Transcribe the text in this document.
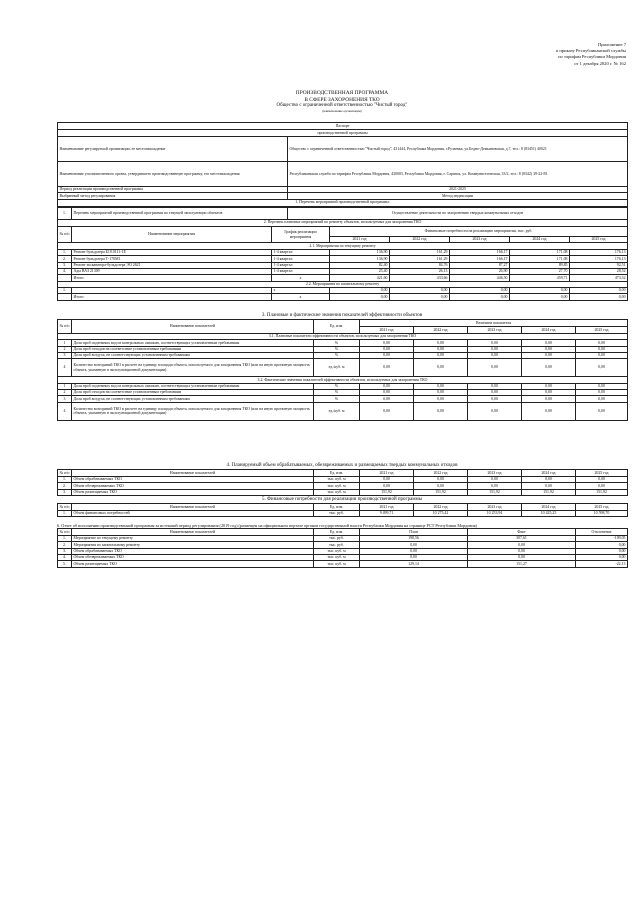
Приложение 7
к приказу Республиканской службы
по тарифам Республики Мордовия
от 1 декабря 2020 г. № 162
ПРОИЗВОДСТВЕННАЯ ПРОГРАММА
В СФЕРЕ ЗАХОРОНЕНИЯ ТКО
Общество с ограниченной ответственностью "Чистый город"
(наименование организации)
Паспорт	
производственной программы	
Наименование регулируемой организации, ее местонахождение	Общество с ограниченной ответственностью "Чистый город", 431444, Республика Мордовия, г.Рузаевка, ул.Бедно-Демьяновская, д.7, тел.: 8 (83451) 40021
Наименование уполномоченного органа, утвердившего производственную программу, его местонахождения	Республиканская служба по тарифам Республики Мордовия, 430003, Республика Мордовия, г. Саранск, ул. Коммунистическая, 33/2, тел.: 8 (8342) 39-22-83
Период реализации производственной программы	2021-2025
Выбранный метод регулирования	Метод индексации
1. Перечень мероприятий производственной программы:	
1.	Перечень мероприятий производственной программы по текущей эксплуатации объектов	Осуществление деятельности по захоронению твердых коммунальных отходов
2. Перечень плановых мероприятий по ремонту объектов, используемых для захоронения ТКО
№ п/п	Наименование мероприятия	График реализации мероприятия	Финансовые потребности на реализацию мероприятия, тыс. руб.				
			2021 год	2022 год	2023 год	2024 год	2025 год
2.1. Мероприятия по текущему ремонту							
1.	Ремонт бульдозера Б10.0111-1Е	1-4 квартал	136,90	161,29	166,17	171,08	176,13
2.	Ремонт бульдозера Т-170М1	1-4 квартал	136,90	161,29	166,17	171,08	176,13
3.	Ремонт экскаватора-бульдозера ЭО 2621	1-4 квартал	82,40	84,76	87,27	89,85	92,51
4.	Ады ВАЗ 21309	1-4 квартал	25,40	26,13	26,90	27,70	28,52
	Итого:	х	421,60	433,66	446,50	459,71	473,32
2.2. Мероприятия по капитальному ремонту							
1.		х	0,00	0,00	0,00	0,00	0,00
	Итого:	х	0,00	0,00	0,00	0,00	0,00
3. Плановые и фактические значения показателей эффективности объектов
№ п/п	Наименование показателей	Ед. изм.	Величина показателя				
			2021 год	2022 год	2023 год	2024 год	2025 год
3.1. Плановые показатели эффективности объектов, используемых для захоронения ТКО							
1	Доля проб подземных вод из контрольных скважин, соответствующих установленным требованиям	%	0,00	0,00	0,00	0,00	0,00
2	Доля проб отходов на соответствие установленным требованиям	%	0,00	0,00	0,00	0,00	0,00
3	Доля проб воздуха, не соответствующих установленным требованиям	%	0,00	0,00	0,00	0,00	0,00
4	Количество возгораний ТКО в расчете на единицу площади объекта, используемого для захоронения ТКО (или на иную проектную мощность объекта, указанную в эксплуатационной документации)	ед./куб. м	0,00	0,00	0,00	0,00	0,00
3.2. Фактические значения показателей эффективности объектов, используемых для захоронения ТКО							
1	Доля проб подземных вод из контрольных скважин, соответствующих установленным требованиям	%	0,00	0,00	0,00	0,00	0,00
2	Доля проб отходов на соответствие установленным требованиям	%	0,00	0,00	0,00	0,00	0,00
3	Доля проб воздуха, не соответствующих установленным требованиям	%	0,00	0,00	0,00	0,00	0,00
4	Количество возгораний ТКО в расчете на единицу площади объекта, используемого для захоронения ТКО (или на иную проектную мощность объекта, указанную в эксплуатационной документации)	ед./куб. м	0,00	0,00	0,00	0,00	0,00
4. Планируемый объем обрабатываемых, обезвреживаемых и размещаемых твердых коммунальных отходов
№ п/п	Наименование показателей	Ед. изм.	2021 год	2022 год	2023 год	2024 год	2025 год
1.	Объем обрабатываемых ТКО	тыс. куб. м	0,00	0,00	0,00	0,00	0,00
2.	Объем обезвреживаемых ТКО	тыс. куб. м	0,00	0,00	0,00	0,00	0,00
3.	Объем размещаемых ТКО	тыс. куб. м	151,92	151,92	151,92	151,92	151,92
5. Финансовые потребности для реализации производственной программы
№ п/п	Наименование показателей	Ед. изм.	2021 год	2022 год	2023 год	2024 год	2025 год
1.	Объем финансовых потребностей	тыс. руб.	9 499,71	10 275,42	10 253,94	10 425,25	10 598,70
6. Отчет об исполнении производственной программы за истекший период регулирования (2019 год) (размещен на официальном портале органов государственной власти Республики Мордовия на странице РСТ Республики Мордовия)
№ п/п	Наименование показателей	Ед. изм.	План	Факт	Отклонение
1.	Мероприятие по текущему ремонту	тыс. руб.	198,56	307,61	-109,05
2.	Мероприятия по капитальному ремонту	тыс. руб.	0,00	0,00	0,00
3.	Объем обрабатываемых ТКО	тыс. куб. м	0,00	0,00	0,00
4.	Объем обезвреживаемых ТКО	тыс. куб. м	0,00	0,00	0,00
5.	Объем размещаемых ТКО	тыс. куб. м	129,14	151,27	-22,13
